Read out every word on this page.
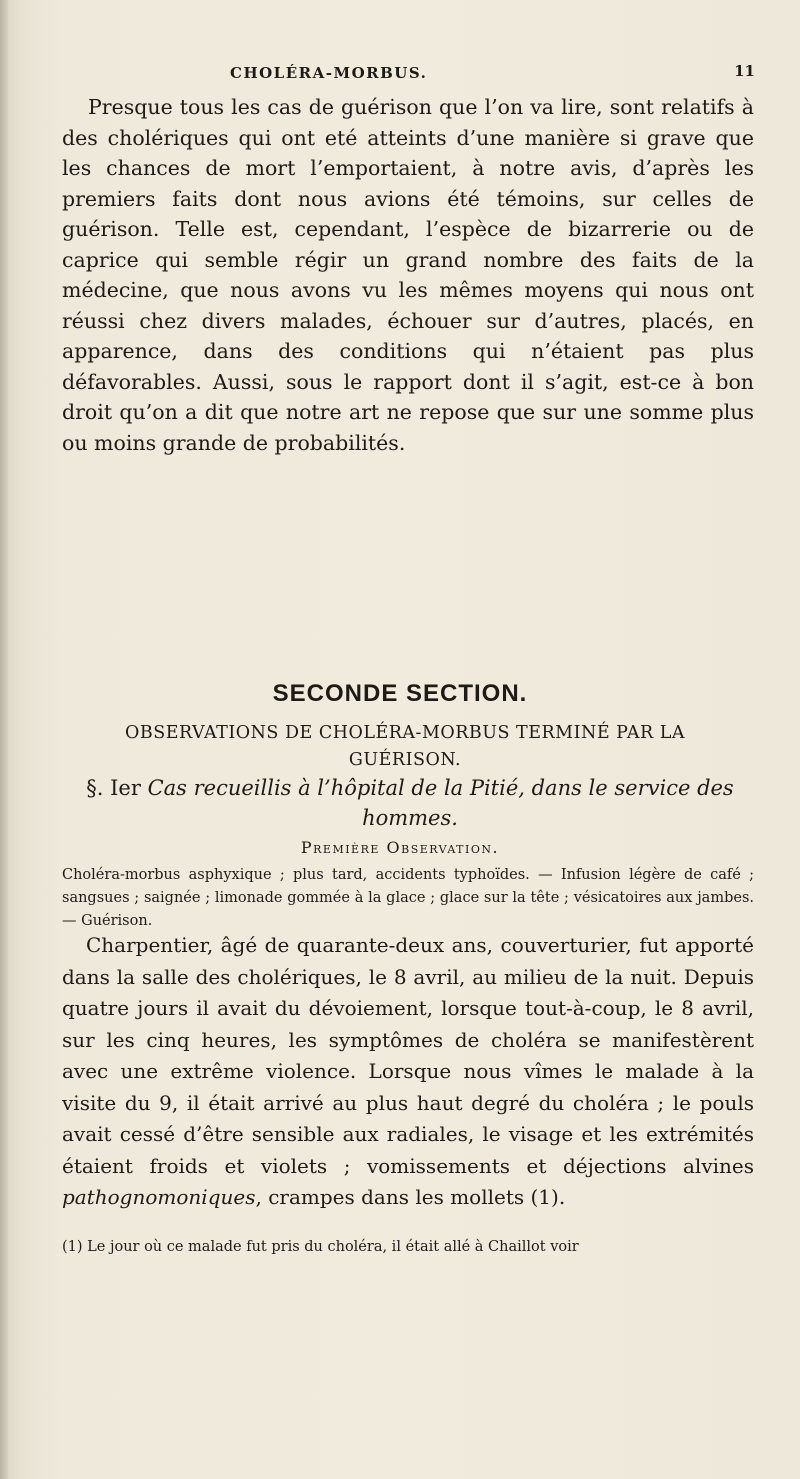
CHOLÉRA-MORBUS.	11

Presque tous les cas de guérison que l’on va lire, sont relatifs à des cholériques qui ont eté atteints d’une manière si grave que les chances de mort l’emportaient, à notre avis, d’après les premiers faits dont nous avions été témoins, sur celles de guérison. Telle est, cependant, l’espèce de bizarrerie ou de caprice qui semble régir un grand nombre des faits de la médecine, que nous avons vu les mêmes moyens qui nous ont réussi chez divers malades, échouer sur d’autres, placés, en apparence, dans des conditions qui n’étaient pas plus défavorables. Aussi, sous le rapport dont il s’agit, est-ce à bon droit qu’on a dit que notre art ne repose que sur une somme plus ou moins grande de probabilités.

SECONDE SECTION.

OBSERVATIONS DE CHOLÉRA-MORBUS TERMINÉ PAR LA GUÉRISON.

§. Ier Cas recueillis à l’hôpital de la Pitié, dans le service des hommes.

Première Observation.

Choléra-morbus asphyxique ; plus tard, accidents typhoïdes. — Infusion légère de café ; sangsues ; saignée ; limonade gommée à la glace ; glace sur la tête ; vésicatoires aux jambes. — Guérison.

Charpentier, âgé de quarante-deux ans, couverturier, fut apporté dans la salle des cholériques, le 8 avril, au milieu de la nuit. Depuis quatre jours il avait du dévoiement, lorsque tout-à-coup, le 8 avril, sur les cinq heures, les symptômes de choléra se manifestèrent avec une extrême violence. Lorsque nous vîmes le malade à la visite du 9, il était arrivé au plus haut degré du choléra ; le pouls avait cessé d’être sensible aux radiales, le visage et les extrémités étaient froids et violets ; vomissements et déjections alvines pathognomoniques, crampes dans les mollets (1).

(1) Le jour où ce malade fut pris du choléra, il était allé à Chaillot voir
